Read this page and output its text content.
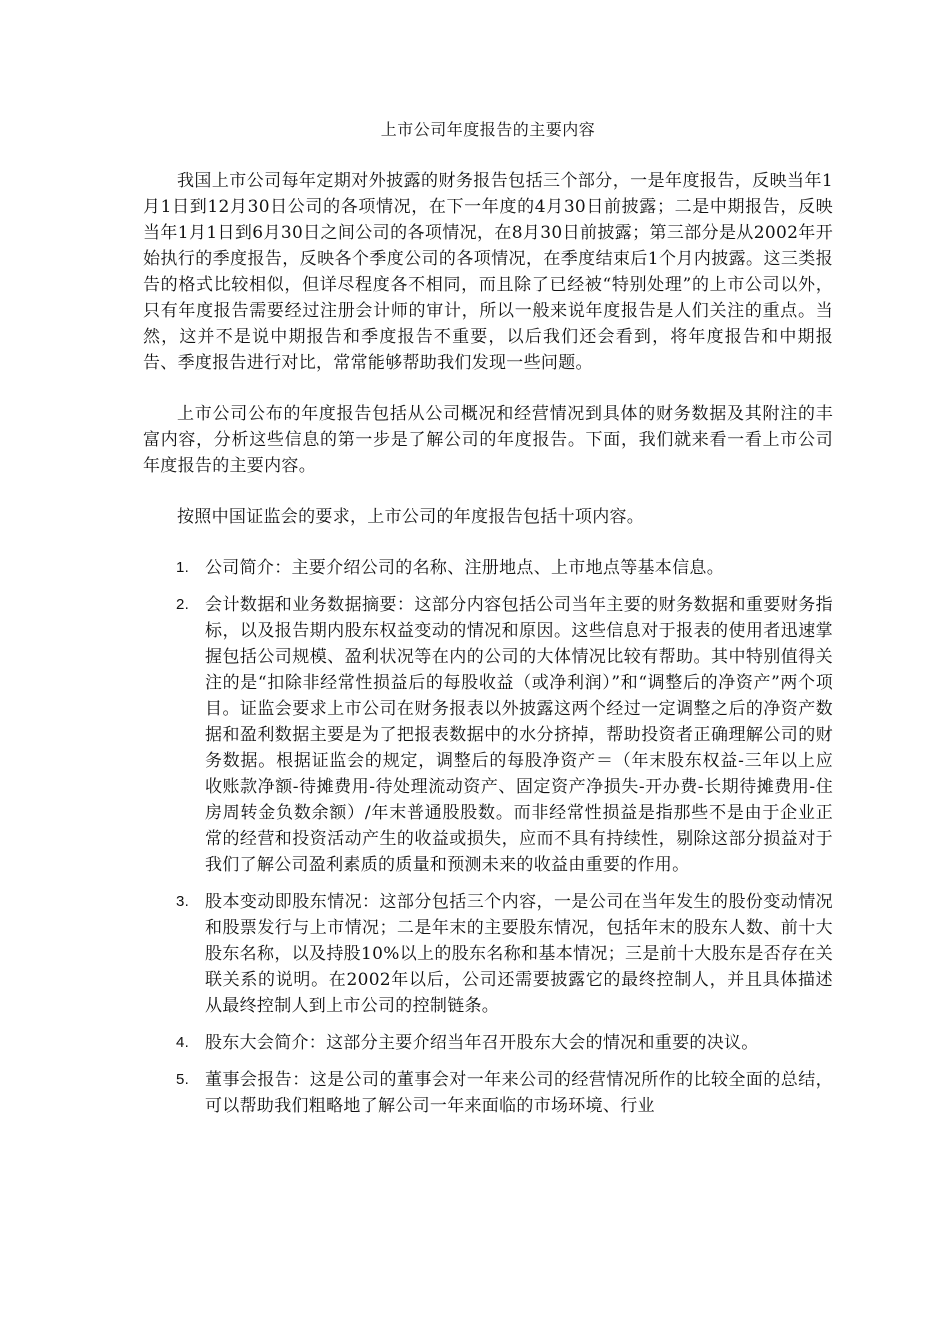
上市公司年度报告的主要内容

我国上市公司每年定期对外披露的财务报告包括三个部分，一是年度报告，反映当年1月1日到12月30日公司的各项情况，在下一年度的4月30日前披露；二是中期报告，反映当年1月1日到6月30日之间公司的各项情况，在8月30日前披露；第三部分是从2002年开始执行的季度报告，反映各个季度公司的各项情况，在季度结束后1个月内披露。这三类报告的格式比较相似，但详尽程度各不相同，而且除了已经被“特别处理”的上市公司以外，只有年度报告需要经过注册会计师的审计，所以一般来说年度报告是人们关注的重点。当然，这并不是说中期报告和季度报告不重要，以后我们还会看到，将年度报告和中期报告、季度报告进行对比，常常能够帮助我们发现一些问题。

上市公司公布的年度报告包括从公司概况和经营情况到具体的财务数据及其附注的丰富内容，分析这些信息的第一步是了解公司的年度报告。下面，我们就来看一看上市公司年度报告的主要内容。

按照中国证监会的要求，上市公司的年度报告包括十项内容。

1. 公司简介：主要介绍公司的名称、注册地点、上市地点等基本信息。
2. 会计数据和业务数据摘要：这部分内容包括公司当年主要的财务数据和重要财务指标，以及报告期内股东权益变动的情况和原因。这些信息对于报表的使用者迅速掌握包括公司规模、盈利状况等在内的公司的大体情况比较有帮助。其中特别值得关注的是“扣除非经常性损益后的每股收益（或净利润）”和“调整后的净资产”两个项目。证监会要求上市公司在财务报表以外披露这两个经过一定调整之后的净资产数据和盈利数据主要是为了把报表数据中的水分挤掉，帮助投资者正确理解公司的财务数据。根据证监会的规定，调整后的每股净资产＝（年末股东权益-三年以上应收账款净额-待摊费用-待处理流动资产、固定资产净损失-开办费-长期待摊费用-住房周转金负数余额）/年末普通股股数。而非经常性损益是指那些不是由于企业正常的经营和投资活动产生的收益或损失，应而不具有持续性，剔除这部分损益对于我们了解公司盈利素质的质量和预测未来的收益由重要的作用。
3. 股本变动即股东情况：这部分包括三个内容，一是公司在当年发生的股份变动情况和股票发行与上市情况；二是年末的主要股东情况，包括年末的股东人数、前十大股东名称，以及持股10%以上的股东名称和基本情况；三是前十大股东是否存在关联关系的说明。在2002年以后，公司还需要披露它的最终控制人，并且具体描述从最终控制人到上市公司的控制链条。
4. 股东大会简介：这部分主要介绍当年召开股东大会的情况和重要的决议。
5. 董事会报告：这是公司的董事会对一年来公司的经营情况所作的比较全面的总结，可以帮助我们粗略地了解公司一年来面临的市场环境、行业
